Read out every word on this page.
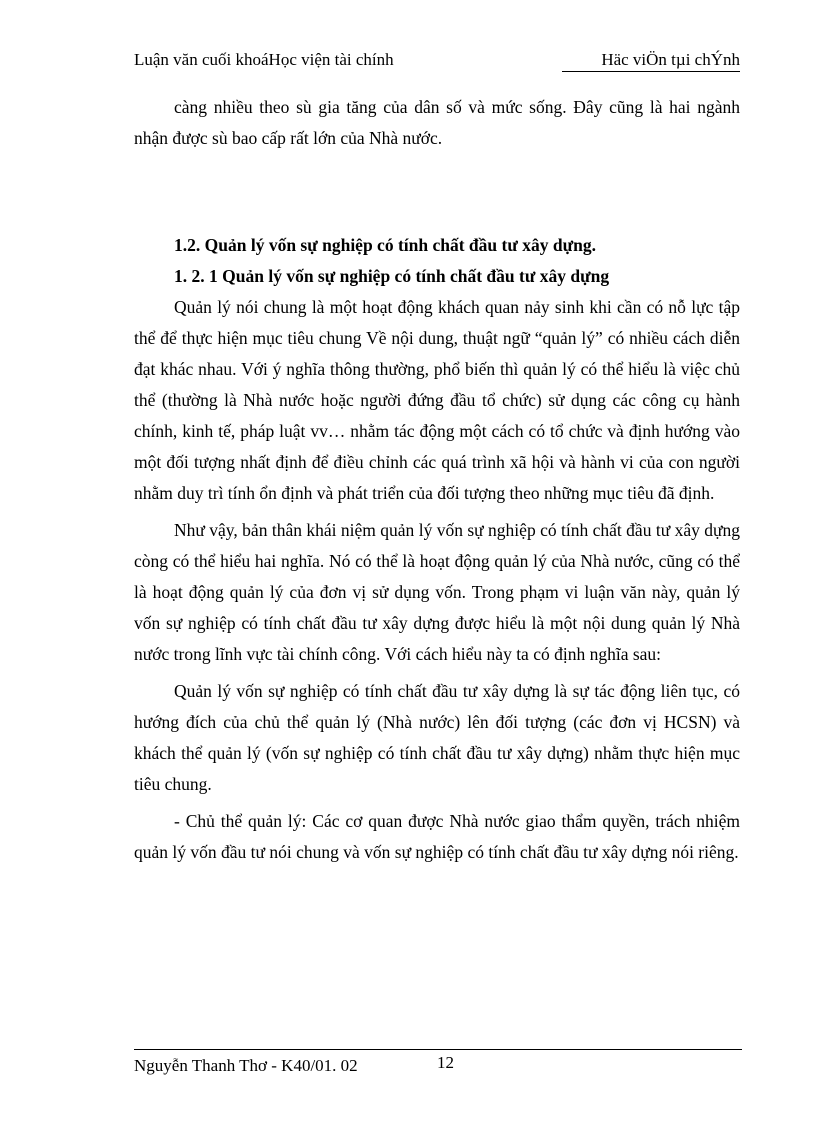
Luận văn cuối khoáHọc viện tài chính	Häc viÖn tµi chÝnh

càng nhiều theo sù gia tăng của dân số và mức sống. Đây cũng là hai ngành nhận được sù bao cấp rất lớn của Nhà nước.

1.2. Quản lý vốn sự nghiệp có tính chất đầu tư xây dựng.

1. 2. 1 Quản lý vốn sự nghiệp có tính chất đầu tư xây dựng

Quản lý nói chung là một hoạt động khách quan nảy sinh khi cần có nỗ lực tập thể để thực hiện mục tiêu chung Về nội dung, thuật ngữ “quản lý” có nhiều cách diễn đạt khác nhau. Với ý nghĩa thông thường, phổ biến thì quản lý có thể hiểu là việc chủ thể (thường là Nhà nước hoặc người đứng đầu tổ chức) sử dụng các công cụ hành chính, kinh tế, pháp luật vv… nhằm tác động một cách có tổ chức và định hướng vào một đối tượng nhất định để điều chỉnh các quá trình xã hội và hành vi của con người nhằm duy trì tính ổn định và phát triển của đối tượng theo những mục tiêu đã định.

Như vậy, bản thân khái niệm quản lý vốn sự nghiệp có tính chất đầu tư xây dựng còng có thể hiểu hai nghĩa. Nó có thể là hoạt động quản lý của Nhà nước, cũng có thể là hoạt động quản lý của đơn vị sử dụng vốn. Trong phạm vi luận văn này, quản lý vốn sự nghiệp có tính chất đầu tư xây dựng được hiểu là một nội dung quản lý Nhà nước trong lĩnh vực tài chính công. Với cách hiểu này ta có định nghĩa sau:

Quản lý vốn sự nghiệp có tính chất đầu tư xây dựng là sự tác động liên tục, có hướng đích của chủ thể quản lý (Nhà nước) lên đối tượng (các đơn vị HCSN) và khách thể quản lý (vốn sự nghiệp có tính chất đầu tư xây dựng) nhằm thực hiện mục tiêu chung.

- Chủ thể quản lý: Các cơ quan được Nhà nước giao thẩm quyền, trách nhiệm quản lý vốn đầu tư nói chung và vốn sự nghiệp có tính chất đầu tư xây dựng nói riêng.

Nguyễn Thanh Thơ - K40/01. 02	12
